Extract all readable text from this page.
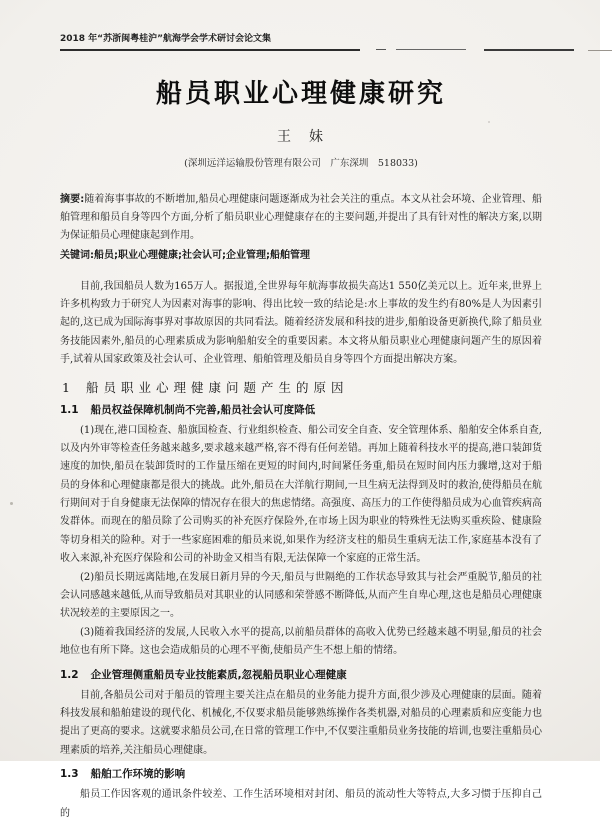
2018 年“苏浙闽粤桂沪”航海学会学术研讨会论文集
船员职业心理健康研究
王　妹
(深圳远洋运输股份管理有限公司　广东深圳　518033)

摘要:随着海事事故的不断增加,船员心理健康问题逐渐成为社会关注的重点。本文从社会环境、企业管理、船舶管理和船员自身等四个方面,分析了船员职业心理健康存在的主要问题,并提出了具有针对性的解决方案,以期为保证船员心理健康起到作用。

关键词:船员;职业心理健康;社会认可;企业管理;船舶管理

目前,我国船员人数为165万人。据报道,全世界每年航海事故损失高达1 550亿美元以上。近年来,世界上许多机构致力于研究人为因素对海事的影响、得出比较一致的结论是:水上事故的发生约有80%是人为因素引起的,这已成为国际海事界对事故原因的共同看法。随着经济发展和科技的进步,船舶设备更新换代,除了船员业务技能因素外,船员的心理素质成为影响船舶安全的重要因素。本文将从船员职业心理健康问题产生的原因着手,试着从国家政策及社会认可、企业管理、船舶管理及船员自身等四个方面提出解决方案。

1 船员职业心理健康问题产生的原因
1.1 船员权益保障机制尚不完善,船员社会认可度降低

(1)现在,港口国检查、船旗国检查、行业组织检查、船公司安全自查、安全管理体系、船舶安全体系自查,以及内外审等检查任务越来越多,要求越来越严格,容不得有任何差错。再加上随着科技水平的提高,港口装卸货速度的加快,船员在装卸货时的工作量压缩在更短的时间内,时间紧任务重,船员在短时间内压力骤增,这对于船员的身体和心理健康都是很大的挑战。此外,船员在大洋航行期间,一旦生病无法得到及时的救治,使得船员在航行期间对于自身健康无法保障的情况存在很大的焦虑情绪。高强度、高压力的工作使得船员成为心血管疾病高发群体。而现在的船员除了公司购买的补充医疗保险外,在市场上因为职业的特殊性无法购买重疾险、健康险等切身相关的险种。对于一些家庭困难的船员来说,如果作为经济支柱的船员生重病无法工作,家庭基本没有了收入来源,补充医疗保险和公司的补助金又相当有限,无法保障一个家庭的正常生活。

(2)船员长期远离陆地,在发展日新月异的今天,船员与世隔绝的工作状态导致其与社会严重脱节,船员的社会认同感越来越低,从而导致船员对其职业的认同感和荣誉感不断降低,从而产生自卑心理,这也是船员心理健康状况较差的主要原因之一。

(3)随着我国经济的发展,人民收入水平的提高,以前船员群体的高收入优势已经越来越不明显,船员的社会地位也有所下降。这也会造成船员的心理不平衡,使船员产生不想上船的情绪。

1.2 企业管理侧重船员专业技能素质,忽视船员职业心理健康

目前,各船员公司对于船员的管理主要关注点在船员的业务能力提升方面,很少涉及心理健康的层面。随着科技发展和船舶建设的现代化、机械化,不仅要求船员能够熟练操作各类机器,对船员的心理素质和应变能力也提出了更高的要求。这就要求船员公司,在日常的管理工作中,不仅要注重船员业务技能的培训,也要注重船员心理素质的培养,关注船员心理健康。

1.3 船舶工作环境的影响

船员工作因客观的通讯条件较差、工作生活环境相对封闭、船员的流动性大等特点,大多习惯于压抑自己的
